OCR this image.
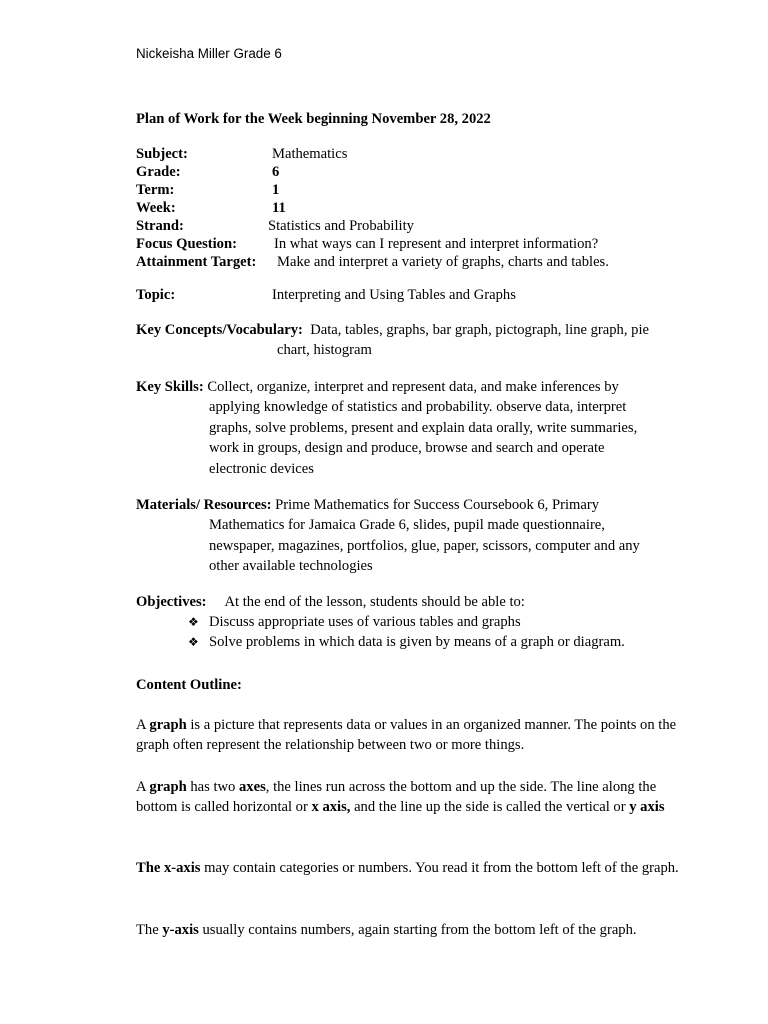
Nickeisha Miller Grade 6
Plan of Work for the Week beginning November 28, 2022
Subject:	Mathematics
Grade:	6
Term:	1
Week:	11
Strand:	Statistics and Probability
Focus Question:	In what ways can I represent and interpret information?
Attainment Target: Make and interpret a variety of graphs, charts and tables.
Topic:	Interpreting and Using Tables and Graphs
Key Concepts/Vocabulary: Data, tables, graphs, bar graph, pictograph, line graph, pie
chart, histogram
Key Skills: Collect, organize, interpret and represent data, and make inferences by
applying knowledge of statistics and probability. observe data, interpret
graphs, solve problems, present and explain data orally, write summaries,
work in groups, design and produce, browse and search and operate
electronic devices
Materials/ Resources: Prime Mathematics for Success Coursebook 6, Primary
Mathematics for Jamaica Grade 6, slides, pupil made questionnaire,
newspaper, magazines, portfolios, glue, paper, scissors, computer and any
other available technologies
Objectives: At the end of the lesson, students should be able to:
❖ Discuss appropriate uses of various tables and graphs
❖ Solve problems in which data is given by means of a graph or diagram.
Content Outline:
A graph is a picture that represents data or values in an organized manner. The points on the graph often represent the relationship between two or more things.
A graph has two axes, the lines run across the bottom and up the side. The line along the bottom is called horizontal or x axis, and the line up the side is called the vertical or y axis
The x-axis may contain categories or numbers. You read it from the bottom left of the graph.
The y-axis usually contains numbers, again starting from the bottom left of the graph.
